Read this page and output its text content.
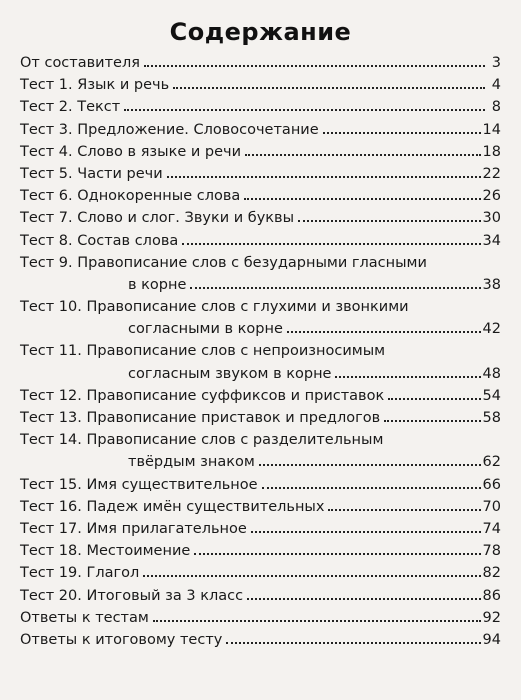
Содержание
От составителя	3
Тест 1. Язык и речь	4
Тест 2. Текст	8
Тест 3. Предложение. Словосочетание	14
Тест 4. Слово в языке и речи	18
Тест 5. Части речи	22
Тест 6. Однокоренные слова	26
Тест 7. Слово и слог. Звуки и буквы	30
Тест 8. Состав слова	34
Тест 9. Правописание слов с безударными гласными
в корне	38
Тест 10. Правописание слов с глухими и звонкими
согласными в корне	42
Тест 11. Правописание слов с непроизносимым
согласным звуком в корне	48
Тест 12. Правописание суффиксов и приставок	54
Тест 13. Правописание приставок и предлогов	58
Тест 14. Правописание слов с разделительным
твёрдым знаком	62
Тест 15. Имя существительное	66
Тест 16. Падеж имён существительных	70
Тест 17. Имя прилагательное	74
Тест 18. Местоимение	78
Тест 19. Глагол	82
Тест 20. Итоговый за 3 класс	86
Ответы к тестам	92
Ответы к итоговому тесту	94
